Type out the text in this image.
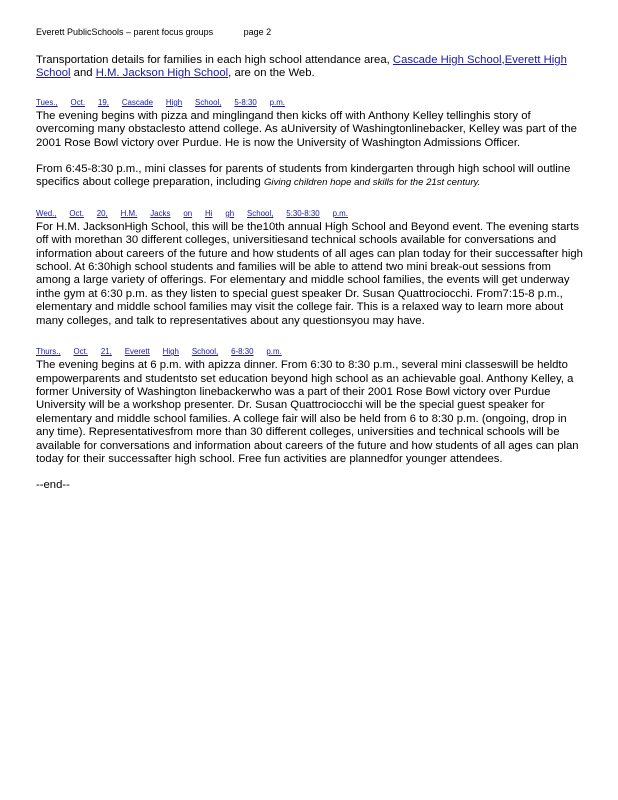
Everett PublicSchools – parent focus groups	page 2

Transportation details for families in each high school attendance area, Cascade High School,Everett High School and H.M. Jackson High School, are on the Web.

Tues., Oct. 19, Cascade High School, 5-8:30 p.m.

The evening begins with pizza and minglingand then kicks off with Anthony Kelley tellinghis story of overcoming many obstaclesto attend college. As aUniversity of Washingtonlinebacker, Kelley was part of the 2001 Rose Bowl victory over Purdue. He is now the University of Washington Admissions Officer.

From 6:45-8:30 p.m., mini classes for parents of students from kindergarten through high school will outline specifics about college preparation, including Giving children hope and skills for the 21st century.

Wed., Oct. 20, H.M. Jacks on Hi gh School, 5:30-8:30 p.m.

For H.M. JacksonHigh School, this will be the10th annual High School and Beyond event. The evening starts off with morethan 30 different colleges, universitiesand technical schools available for conversations and information about careers of the future and how students of all ages can plan today for their successafter high school. At 6:30high school students and families will be able to attend two mini break-out sessions from among a large variety of offerings. For elementary and middle school families, the events will get underway inthe gym at 6:30 p.m. as they listen to special guest speaker Dr. Susan Quattrociocchi. From7:15-8 p.m., elementary and middle school families may visit the college fair. This is a relaxed way to learn more about many colleges, and talk to representatives about any questionsyou may have.

Thurs., Oct. 21, Everett High School, 6-8:30 p.m.

The evening begins at 6 p.m. with apizza dinner. From 6:30 to 8:30 p.m., several mini classeswill be heldto empowerparents and studentsto set education beyond high school as an achievable goal. Anthony Kelley, a former University of Washington linebackerwho was a part of their 2001 Rose Bowl victory over Purdue University will be a workshop presenter. Dr. Susan Quattrociocchi will be the special guest speaker for elementary and middle school families. A college fair will also be held from 6 to 8:30 p.m. (ongoing, drop in any time). Representativesfrom more than 30 different colleges, universities and technical schools will be available for conversations and information about careers of the future and how students of all ages can plan today for their successafter high school. Free fun activities are plannedfor younger attendees.

--end--
